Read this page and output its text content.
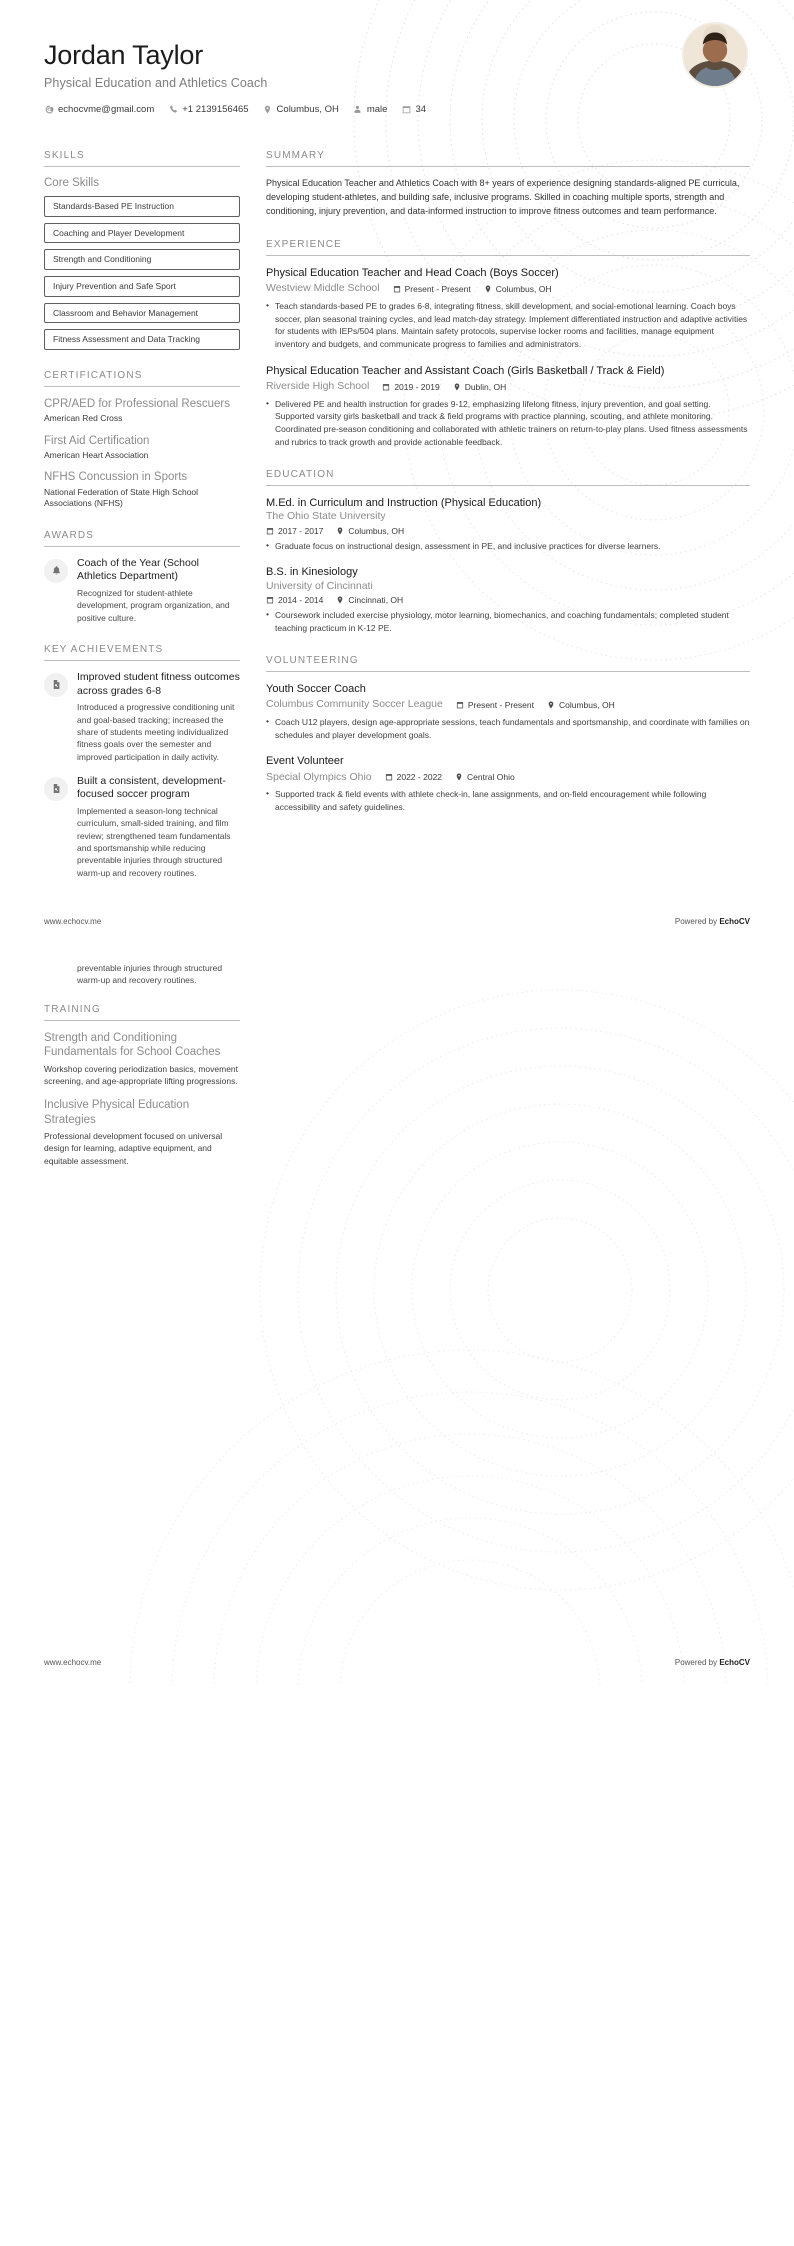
Jordan Taylor
Physical Education and Athletics Coach
echocvme@gmail.com	+1 2139156465	Columbus, OH	male	34
SKILLS
Core Skills
Standards-Based PE Instruction
Coaching and Player Development
Strength and Conditioning
Injury Prevention and Safe Sport
Classroom and Behavior Management
Fitness Assessment and Data Tracking
CERTIFICATIONS
CPR/AED for Professional Rescuers
American Red Cross
First Aid Certification
American Heart Association
NFHS Concussion in Sports
National Federation of State High School Associations (NFHS)
AWARDS
Coach of the Year (School Athletics Department)
Recognized for student-athlete development, program organization, and positive culture.
KEY ACHIEVEMENTS
Improved student fitness outcomes across grades 6-8
Introduced a progressive conditioning unit and goal-based tracking; increased the share of students meeting individualized fitness goals over the semester and improved participation in daily activity.
Built a consistent, development-focused soccer program
Implemented a season-long technical curriculum, small-sided training, and film review; strengthened team fundamentals and sportsmanship while reducing preventable injuries through structured warm-up and recovery routines.
SUMMARY
Physical Education Teacher and Athletics Coach with 8+ years of experience designing standards-aligned PE curricula, developing student-athletes, and building safe, inclusive programs. Skilled in coaching multiple sports, strength and conditioning, injury prevention, and data-informed instruction to improve fitness outcomes and team performance.
EXPERIENCE
Physical Education Teacher and Head Coach (Boys Soccer)
Westview Middle School	Present - Present	Columbus, OH
• Teach standards-based PE to grades 6-8, integrating fitness, skill development, and social-emotional learning. Coach boys soccer, plan seasonal training cycles, and lead match-day strategy. Implement differentiated instruction and adaptive activities for students with IEPs/504 plans. Maintain safety protocols, supervise locker rooms and facilities, manage equipment inventory and budgets, and communicate progress to families and administrators.
Physical Education Teacher and Assistant Coach (Girls Basketball / Track & Field)
Riverside High School	2019 - 2019	Dublin, OH
• Delivered PE and health instruction for grades 9-12, emphasizing lifelong fitness, injury prevention, and goal setting. Supported varsity girls basketball and track & field programs with practice planning, scouting, and athlete monitoring. Coordinated pre-season conditioning and collaborated with athletic trainers on return-to-play plans. Used fitness assessments and rubrics to track growth and provide actionable feedback.
EDUCATION
M.Ed. in Curriculum and Instruction (Physical Education)
The Ohio State University
2017 - 2017	Columbus, OH
• Graduate focus on instructional design, assessment in PE, and inclusive practices for diverse learners.
B.S. in Kinesiology
University of Cincinnati
2014 - 2014	Cincinnati, OH
• Coursework included exercise physiology, motor learning, biomechanics, and coaching fundamentals; completed student teaching practicum in K-12 PE.
VOLUNTEERING
Youth Soccer Coach
Columbus Community Soccer League	Present - Present	Columbus, OH
• Coach U12 players, design age-appropriate sessions, teach fundamentals and sportsmanship, and coordinate with families on schedules and player development goals.
Event Volunteer
Special Olympics Ohio	2022 - 2022	Central Ohio
• Supported track & field events with athlete check-in, lane assignments, and on-field encouragement while following accessibility and safety guidelines.
www.echocv.me	Powered by EchoCV
preventable injuries through structured warm-up and recovery routines.
TRAINING
Strength and Conditioning Fundamentals for School Coaches
Workshop covering periodization basics, movement screening, and age-appropriate lifting progressions.
Inclusive Physical Education Strategies
Professional development focused on universal design for learning, adaptive equipment, and equitable assessment.
www.echocv.me	Powered by EchoCV
